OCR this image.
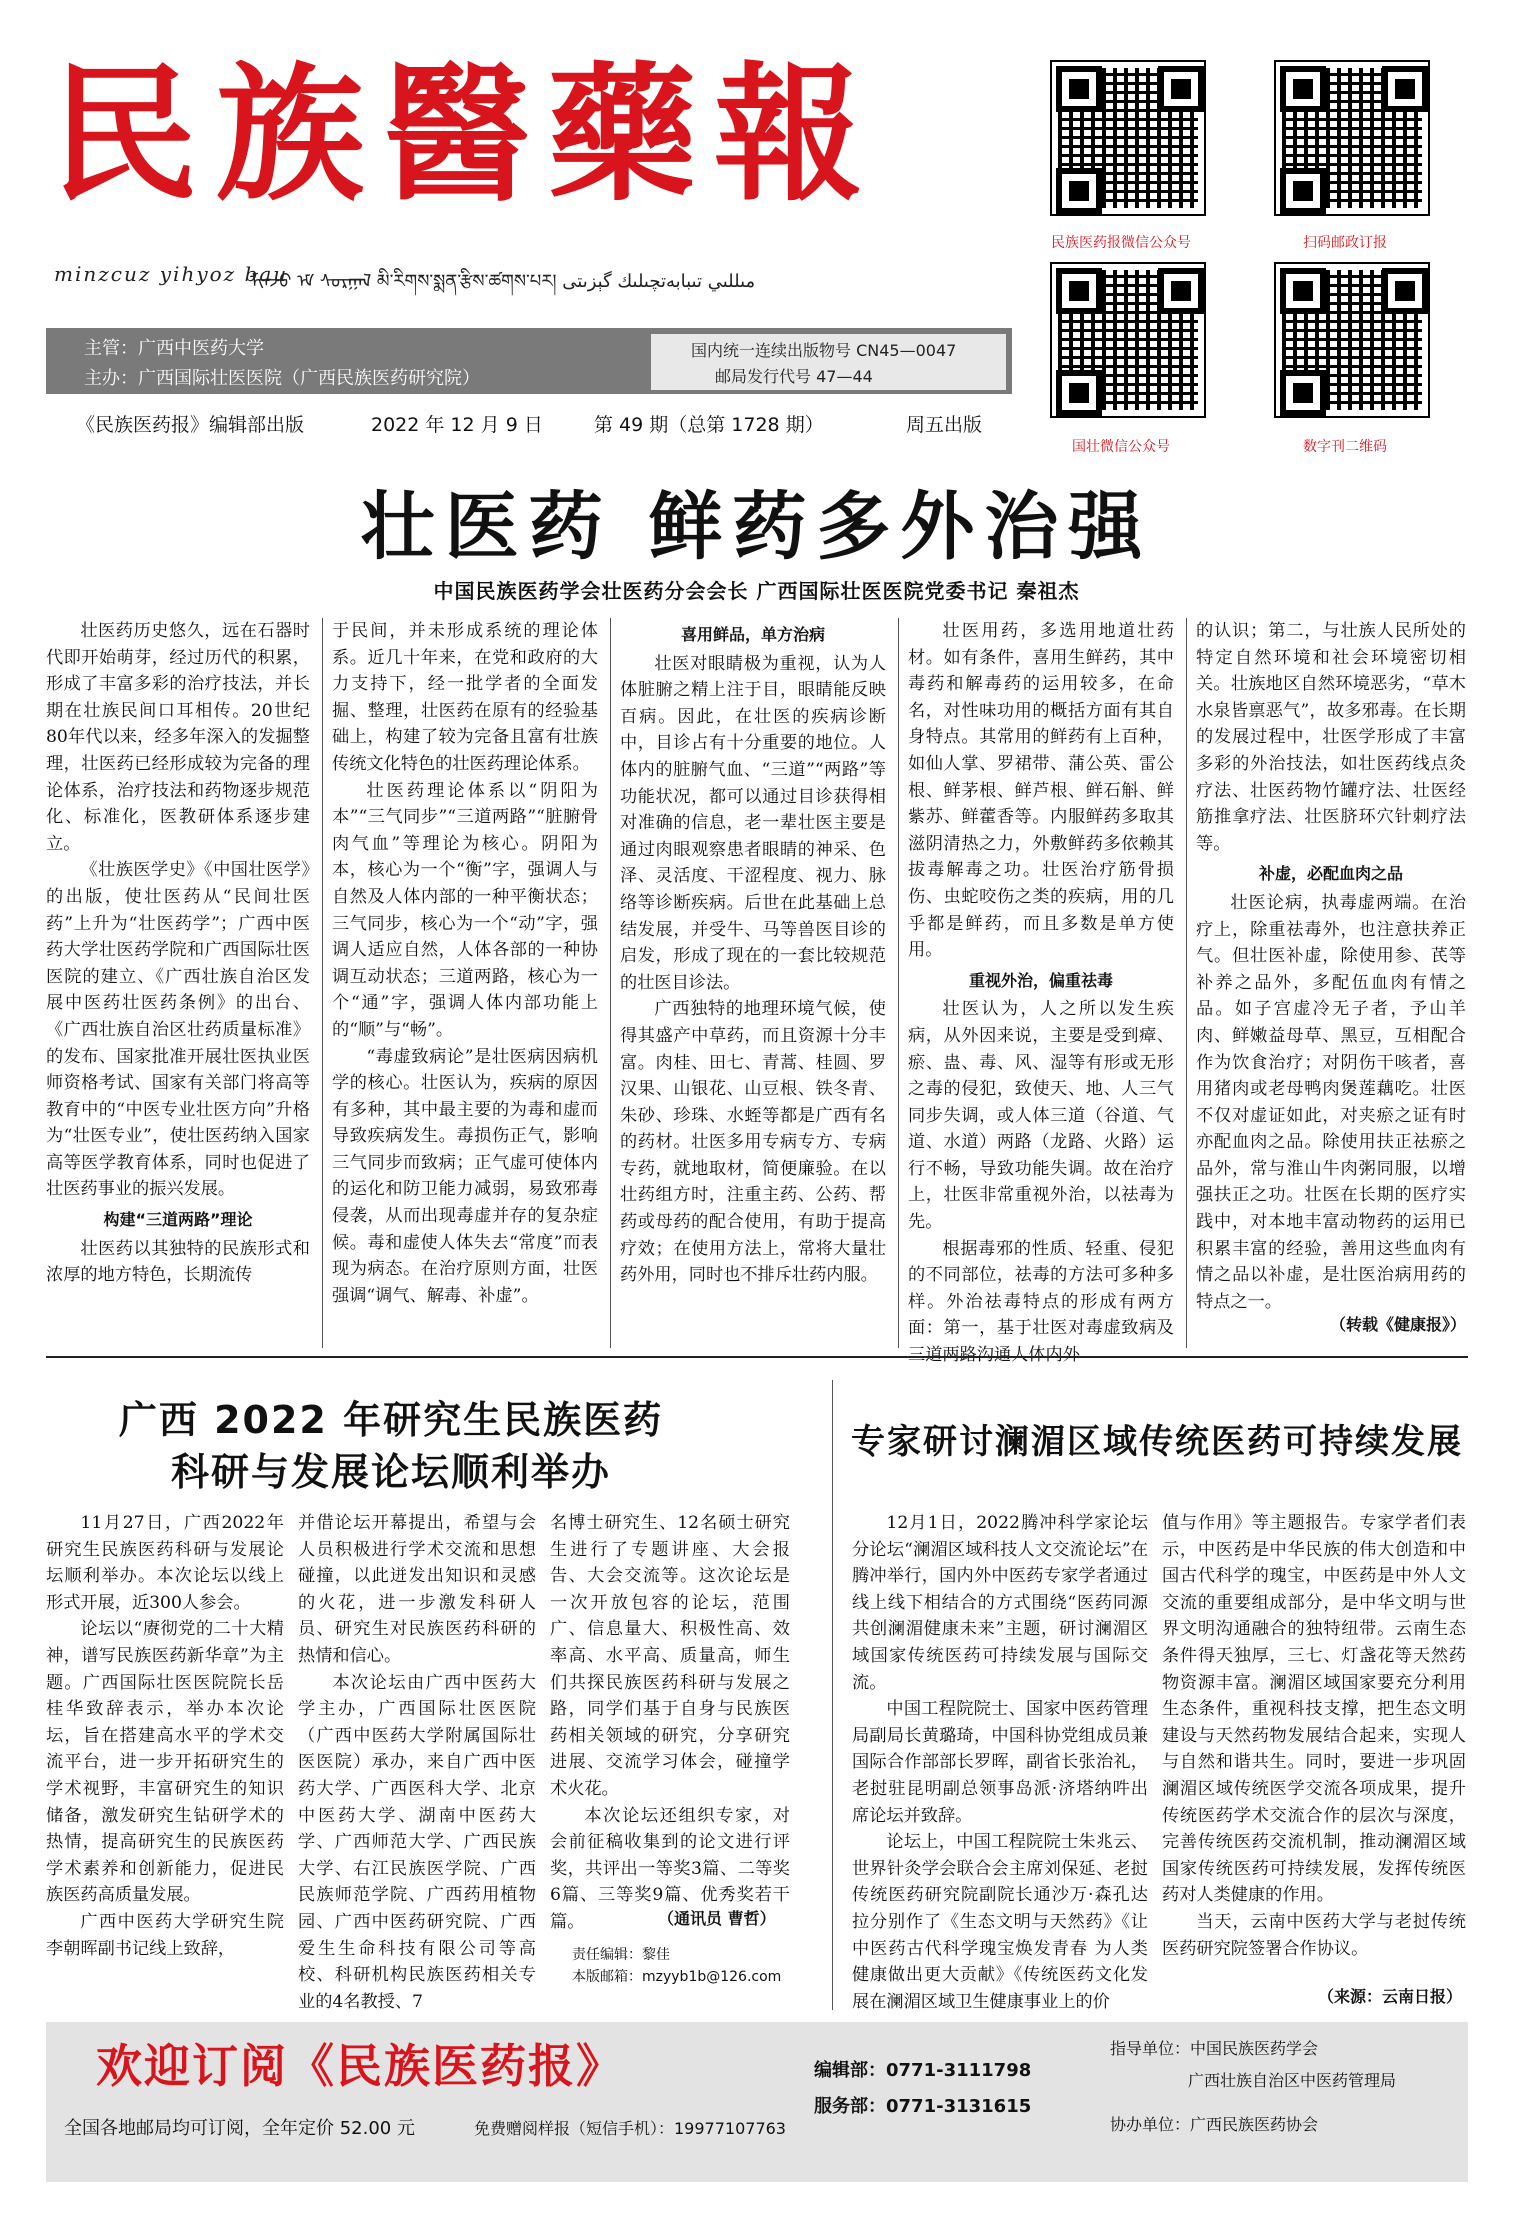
民族醫藥報
minzcuz yihyoz bau
ᠮᠢᠨᠵᠦ ᠡᠮ ᠰᠤᠷᠭᠠᠯ མི་རིགས་སྨན་རྩིས་ཚགས་པར། مىللىي تىبابەتچىلىك گېزىتى
主管：广西中医药大学
主办：广西国际壮医医院（广西民族医药研究院）
国内统一连续出版物号 CN45—0047
邮局发行代号 47—44
《民族医药报》编辑部出版	2022 年 12 月 9 日	第 49 期（总第 1728 期）	周五出版
民族医药报微信公众号	扫码邮政订报
国壮微信公众号	数字刊二维码
壮医药 鲜药多外治强
中国民族医药学会壮医药分会会长 广西国际壮医医院党委书记 秦祖杰

壮医药历史悠久，远在石器时代即开始萌芽，经过历代的积累，形成了丰富多彩的治疗技法，并长期在壮族民间口耳相传。20世纪80年代以来，经多年深入的发掘整理，壮医药已经形成较为完备的理论体系，治疗技法和药物逐步规范化、标准化，医教研体系逐步建立。

《壮族医学史》《中国壮医学》的出版，使壮医药从“民间壮医药”上升为“壮医药学”；广西中医药大学壮医药学院和广西国际壮医医院的建立、《广西壮族自治区发展中医药壮医药条例》的出台、《广西壮族自治区壮药质量标准》的发布、国家批准开展壮医执业医师资格考试、国家有关部门将高等教育中的“中医专业壮医方向”升格为“壮医专业”，使壮医药纳入国家高等医学教育体系，同时也促进了壮医药事业的振兴发展。

构建“三道两路”理论

壮医药以其独特的民族形式和浓厚的地方特色，长期流传

于民间，并未形成系统的理论体系。近几十年来，在党和政府的大力支持下，经一批学者的全面发掘、整理，壮医药在原有的经验基础上，构建了较为完备且富有壮族传统文化特色的壮医药理论体系。

壮医药理论体系以“阴阳为本”“三气同步”“三道两路”“脏腑骨肉气血”等理论为核心。阴阳为本，核心为一个“衡”字，强调人与自然及人体内部的一种平衡状态；三气同步，核心为一个“动”字，强调人适应自然，人体各部的一种协调互动状态；三道两路，核心为一个“通”字，强调人体内部功能上的“顺”与“畅”。

“毒虚致病论”是壮医病因病机学的核心。壮医认为，疾病的原因有多种，其中最主要的为毒和虚而导致疾病发生。毒损伤正气，影响三气同步而致病；正气虚可使体内的运化和防卫能力减弱，易致邪毒侵袭，从而出现毒虚并存的复杂症候。毒和虚使人体失去“常度”而表现为病态。在治疗原则方面，壮医强调“调气、解毒、补虚”。

喜用鲜品，单方治病

壮医对眼睛极为重视，认为人体脏腑之精上注于目，眼睛能反映百病。因此，在壮医的疾病诊断中，目诊占有十分重要的地位。人体内的脏腑气血、“三道”“两路”等功能状况，都可以通过目诊获得相对准确的信息，老一辈壮医主要是通过肉眼观察患者眼睛的神采、色泽、灵活度、干涩程度、视力、脉络等诊断疾病。后世在此基础上总结发展，并受牛、马等兽医目诊的启发，形成了现在的一套比较规范的壮医目诊法。

广西独特的地理环境气候，使得其盛产中草药，而且资源十分丰富。肉桂、田七、青蒿、桂圆、罗汉果、山银花、山豆根、铁冬青、朱砂、珍珠、水蛭等都是广西有名的药材。壮医多用专病专方、专病专药，就地取材，简便廉验。在以壮药组方时，注重主药、公药、帮药或母药的配合使用，有助于提高疗效；在使用方法上，常将大量壮药外用，同时也不排斥壮药内服。

壮医用药，多选用地道壮药材。如有条件，喜用生鲜药，其中毒药和解毒药的运用较多，在命名，对性味功用的概括方面有其自身特点。其常用的鲜药有上百种，如仙人掌、罗裙带、蒲公英、雷公根、鲜茅根、鲜芦根、鲜石斛、鲜紫苏、鲜藿香等。内服鲜药多取其滋阴清热之力，外敷鲜药多依赖其拔毒解毒之功。壮医治疗筋骨损伤、虫蛇咬伤之类的疾病，用的几乎都是鲜药，而且多数是单方使用。

重视外治，偏重祛毒

壮医认为，人之所以发生疾病，从外因来说，主要是受到瘴、瘀、蛊、毒、风、湿等有形或无形之毒的侵犯，致使天、地、人三气同步失调，或人体三道（谷道、气道、水道）两路（龙路、火路）运行不畅，导致功能失调。故在治疗上，壮医非常重视外治，以祛毒为先。

根据毒邪的性质、轻重、侵犯的不同部位，祛毒的方法可多种多样。外治祛毒特点的形成有两方面：第一，基于壮医对毒虚致病及

的认识；第二，与壮族人民所处的特定自然环境和社会环境密切相关。壮族地区自然环境恶劣，“草木水泉皆禀恶气”，故多邪毒。在长期的发展过程中，壮医学形成了丰富多彩的外治技法，如壮医药线点灸疗法、壮医药物竹罐疗法、壮医经筋推拿疗法、壮医脐环穴针刺疗法等。

补虚，必配血肉之品

壮医论病，执毒虚两端。在治疗上，除重祛毒外，也注意扶养正气。但壮医补虚，除使用参、芪等补养之品外，多配伍血肉有情之品。如子宫虚冷无子者，予山羊肉、鲜嫩益母草、黑豆，互相配合作为饮食治疗；对阴伤干咳者，喜用猪肉或老母鸭肉煲莲藕吃。壮医不仅对虚证如此，对夹瘀之证有时亦配血肉之品。除使用扶正祛瘀之品外，常与淮山牛肉粥同服，以增强扶正之功。壮医在长期的医疗实践中，对本地丰富动物药的运用已积累丰富的经验，善用这些血肉有情之品以补虚，是壮医治病用药的特点之一。

（转载《健康报》）
广西 2022 年研究生民族医药
科研与发展论坛顺利举办

11月27日，广西2022年研究生民族医药科研与发展论坛顺利举办。本次论坛以线上形式开展，近300人参会。

论坛以“赓彻党的二十大精神，谱写民族医药新华章”为主题。广西国际壮医医院院长岳桂华致辞表示，举办本次论坛，旨在搭建高水平的学术交流平台，进一步开拓研究生的学术视野，丰富研究生的知识储备，激发研究生钻研学术的热情，提高研究生的民族医药学术素养和创新能力，促进民族医药高质量发展。

广西中医药大学研究生院李朝晖副书记线上致辞，

并借论坛开幕提出，希望与会人员积极进行学术交流和思想碰撞，以此迸发出知识和灵感的火花，进一步激发科研人员、研究生对民族医药科研的热情和信心。

本次论坛由广西中医药大学主办，广西国际壮医医院（广西中医药大学附属国际壮医医院）承办，来自广西中医药大学、广西医科大学、北京中医药大学、湖南中医药大学、广西师范大学、广西民族大学、右江民族医学院、广西民族师范学院、广西药用植物园、广西中医药研究院、广西爱生生命科技有限公司等高校、科研机构民族医药相关专业的4名教授、7

名博士研究生、12名硕士研究生进行了专题讲座、大会报告、大会交流等。这次论坛是一次开放包容的论坛，范围广、信息量大、积极性高、效率高、水平高、质量高，师生们共探民族医药科研与发展之路，同学们基于自身与民族医药相关领域的研究，分享研究进展、交流学习体会，碰撞学术火花。

本次论坛还组织专家，对会前征稿收集到的论文进行评奖，共评出一等奖3篇、二等奖6篇、三等奖9篇、优秀奖若干篇。	（通讯员 曹哲）
责任编辑：黎佳
本版邮箱：mzyyb1b@126.com
专家研讨澜湄区域传统医药可持续发展

12月1日，2022腾冲科学家论坛分论坛“澜湄区域科技人文交流论坛”在腾冲举行，国内外中医药专家学者通过线上线下相结合的方式围绕“医药同源 共创澜湄健康未来”主题，研讨澜湄区域国家传统医药可持续发展与国际交流。

中国工程院院士、国家中医药管理局副局长黄璐琦，中国科协党组成员兼国际合作部部长罗晖，副省长张治礼，老挝驻昆明副总领事岛派·济塔纳吽出席论坛并致辞。

论坛上，中国工程院院士朱兆云、世界针灸学会联合会主席刘保延、老挝传统医药研究院副院长通沙万·森孔达拉分别作了《生态文明与天然药》《让中医药古代科学瑰宝焕发青春 为人类健康做出更大贡献》《传统医药文化发展在澜湄区域卫生健康事业上的价

值与作用》等主题报告。专家学者们表示，中医药是中华民族的伟大创造和中国古代科学的瑰宝，中医药是中外人文交流的重要组成部分，是中华文明与世界文明沟通融合的独特纽带。云南生态条件得天独厚，三七、灯盏花等天然药物资源丰富。澜湄区域国家要充分利用生态条件，重视科技支撑，把生态文明建设与天然药物发展结合起来，实现人与自然和谐共生。同时，要进一步巩固澜湄区域传统医学交流各项成果，提升传统医药学术交流合作的层次与深度，完善传统医药交流机制，推动澜湄区域国家传统医药可持续发展，发挥传统医药对人类健康的作用。

当天，云南中医药大学与老挝传统医药研究院签署合作协议。

（来源：云南日报）
欢迎订阅《民族医药报》
全国各地邮局均可订阅，全年定价 52.00 元	免费赠阅样报（短信手机）：19977107763
编辑部：0771-3111798
服务部：0771-3131615
指导单位：中国民族医药学会
广西壮族自治区中医药管理局
协办单位：广西民族医药协会
